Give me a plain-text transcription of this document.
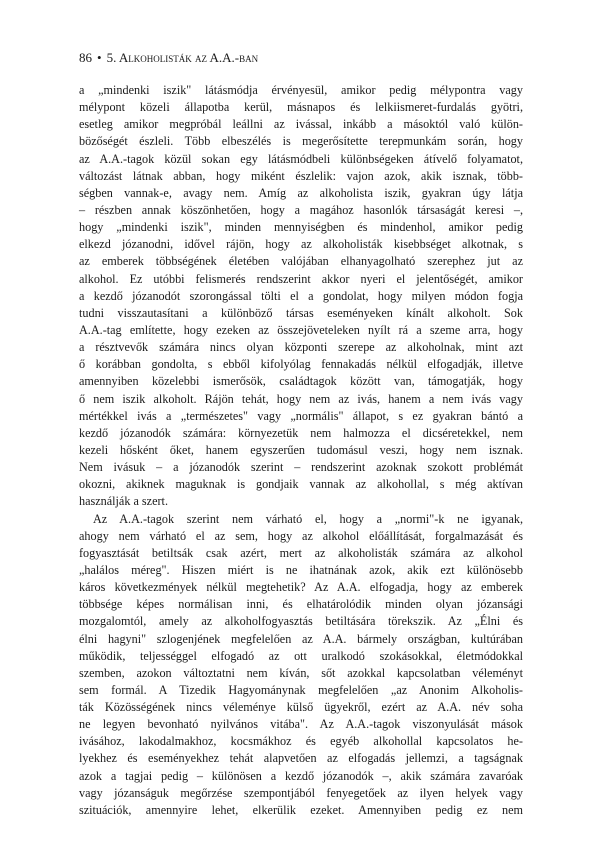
86 • 5. Alkoholisták az A.A.-ban
a „mindenki iszik" látásmódja érvényesül, amikor pedig mélypontra vagy
mélypont közeli állapotba kerül, másnapos és lelkiismeret-furdalás gyötri,
esetleg amikor megpróbál leállni az ivással, inkább a másoktól való külön-
bözőségét észleli. Több elbeszélés is megerősítette terepmunkám során, hogy
az A.A.-tagok közül sokan egy látásmódbeli különbségeken átívelő folyamatot,
változást látnak abban, hogy miként észlelik: vajon azok, akik isznak, több-
ségben vannak-e, avagy nem. Amíg az alkoholista iszik, gyakran úgy látja
– részben annak köszönhetően, hogy a magához hasonlók társaságát keresi –,
hogy „mindenki iszik", minden mennyiségben és mindenhol, amikor pedig
elkezd józanodni, idővel rájön, hogy az alkoholisták kisebbséget alkotnak, s
az emberek többségének életében valójában elhanyagolható szerephez jut az
alkohol. Ez utóbbi felismerés rendszerint akkor nyeri el jelentőségét, amikor
a kezdő józanodót szorongással tölti el a gondolat, hogy milyen módon fogja
tudni visszautasítani a különböző társas eseményeken kínált alkoholt. Sok
A.A.-tag említette, hogy ezeken az összejöveteleken nyílt rá a szeme arra, hogy
a résztvevők számára nincs olyan központi szerepe az alkoholnak, mint azt
ő korábban gondolta, s ebből kifolyólag fennakadás nélkül elfogadják, illetve
amennyiben közelebbi ismerősök, családtagok között van, támogatják, hogy
ő nem iszik alkoholt. Rájön tehát, hogy nem az ivás, hanem a nem ivás vagy
mértékkel ivás a „természetes" vagy „normális" állapot, s ez gyakran bántó a
kezdő józanodók számára: környezetük nem halmozza el dicséretekkel, nem
kezeli hősként őket, hanem egyszerűen tudomásul veszi, hogy nem isznak.
Nem ivásuk – a józanodók szerint – rendszerint azoknak szokott problémát
okozni, akiknek maguknak is gondjaik vannak az alkohollal, s még aktívan
használják a szert.
Az A.A.-tagok szerint nem várható el, hogy a „normi"-k ne igyanak,
ahogy nem várható el az sem, hogy az alkohol előállítását, forgalmazását és
fogyasztását betiltsák csak azért, mert az alkoholisták számára az alkohol
„halálos méreg". Hiszen miért is ne ihatnának azok, akik ezt különösebb
káros következmények nélkül megtehetik? Az A.A. elfogadja, hogy az emberek
többsége képes normálisan inni, és elhatárolódik minden olyan józansági
mozgalomtól, amely az alkoholfogyasztás betiltására törekszik. Az „Élni és
élni hagyni" szlogenjének megfelelően az A.A. bármely országban, kultúrában
működik, teljességgel elfogadó az ott uralkodó szokásokkal, életmódokkal
szemben, azokon változtatni nem kíván, sőt azokkal kapcsolatban véleményt
sem formál. A Tizedik Hagyománynak megfelelően „az Anonim Alkoholis-
ták Közösségének nincs véleménye külső ügyekről, ezért az A.A. név soha
ne legyen bevonható nyilvános vitába". Az A.A.-tagok viszonyulását mások
ivásához, lakodalmakhoz, kocsmákhoz és egyéb alkohollal kapcsolatos he-
lyekhez és eseményekhez tehát alapvetően az elfogadás jellemzi, a tagságnak
azok a tagjai pedig – különösen a kezdő józanodók –, akik számára zavaróak
vagy józanságuk megőrzése szempontjából fenyegetőek az ilyen helyek vagy
szituációk, amennyire lehet, elkerülik ezeket. Amennyiben pedig ez nem
